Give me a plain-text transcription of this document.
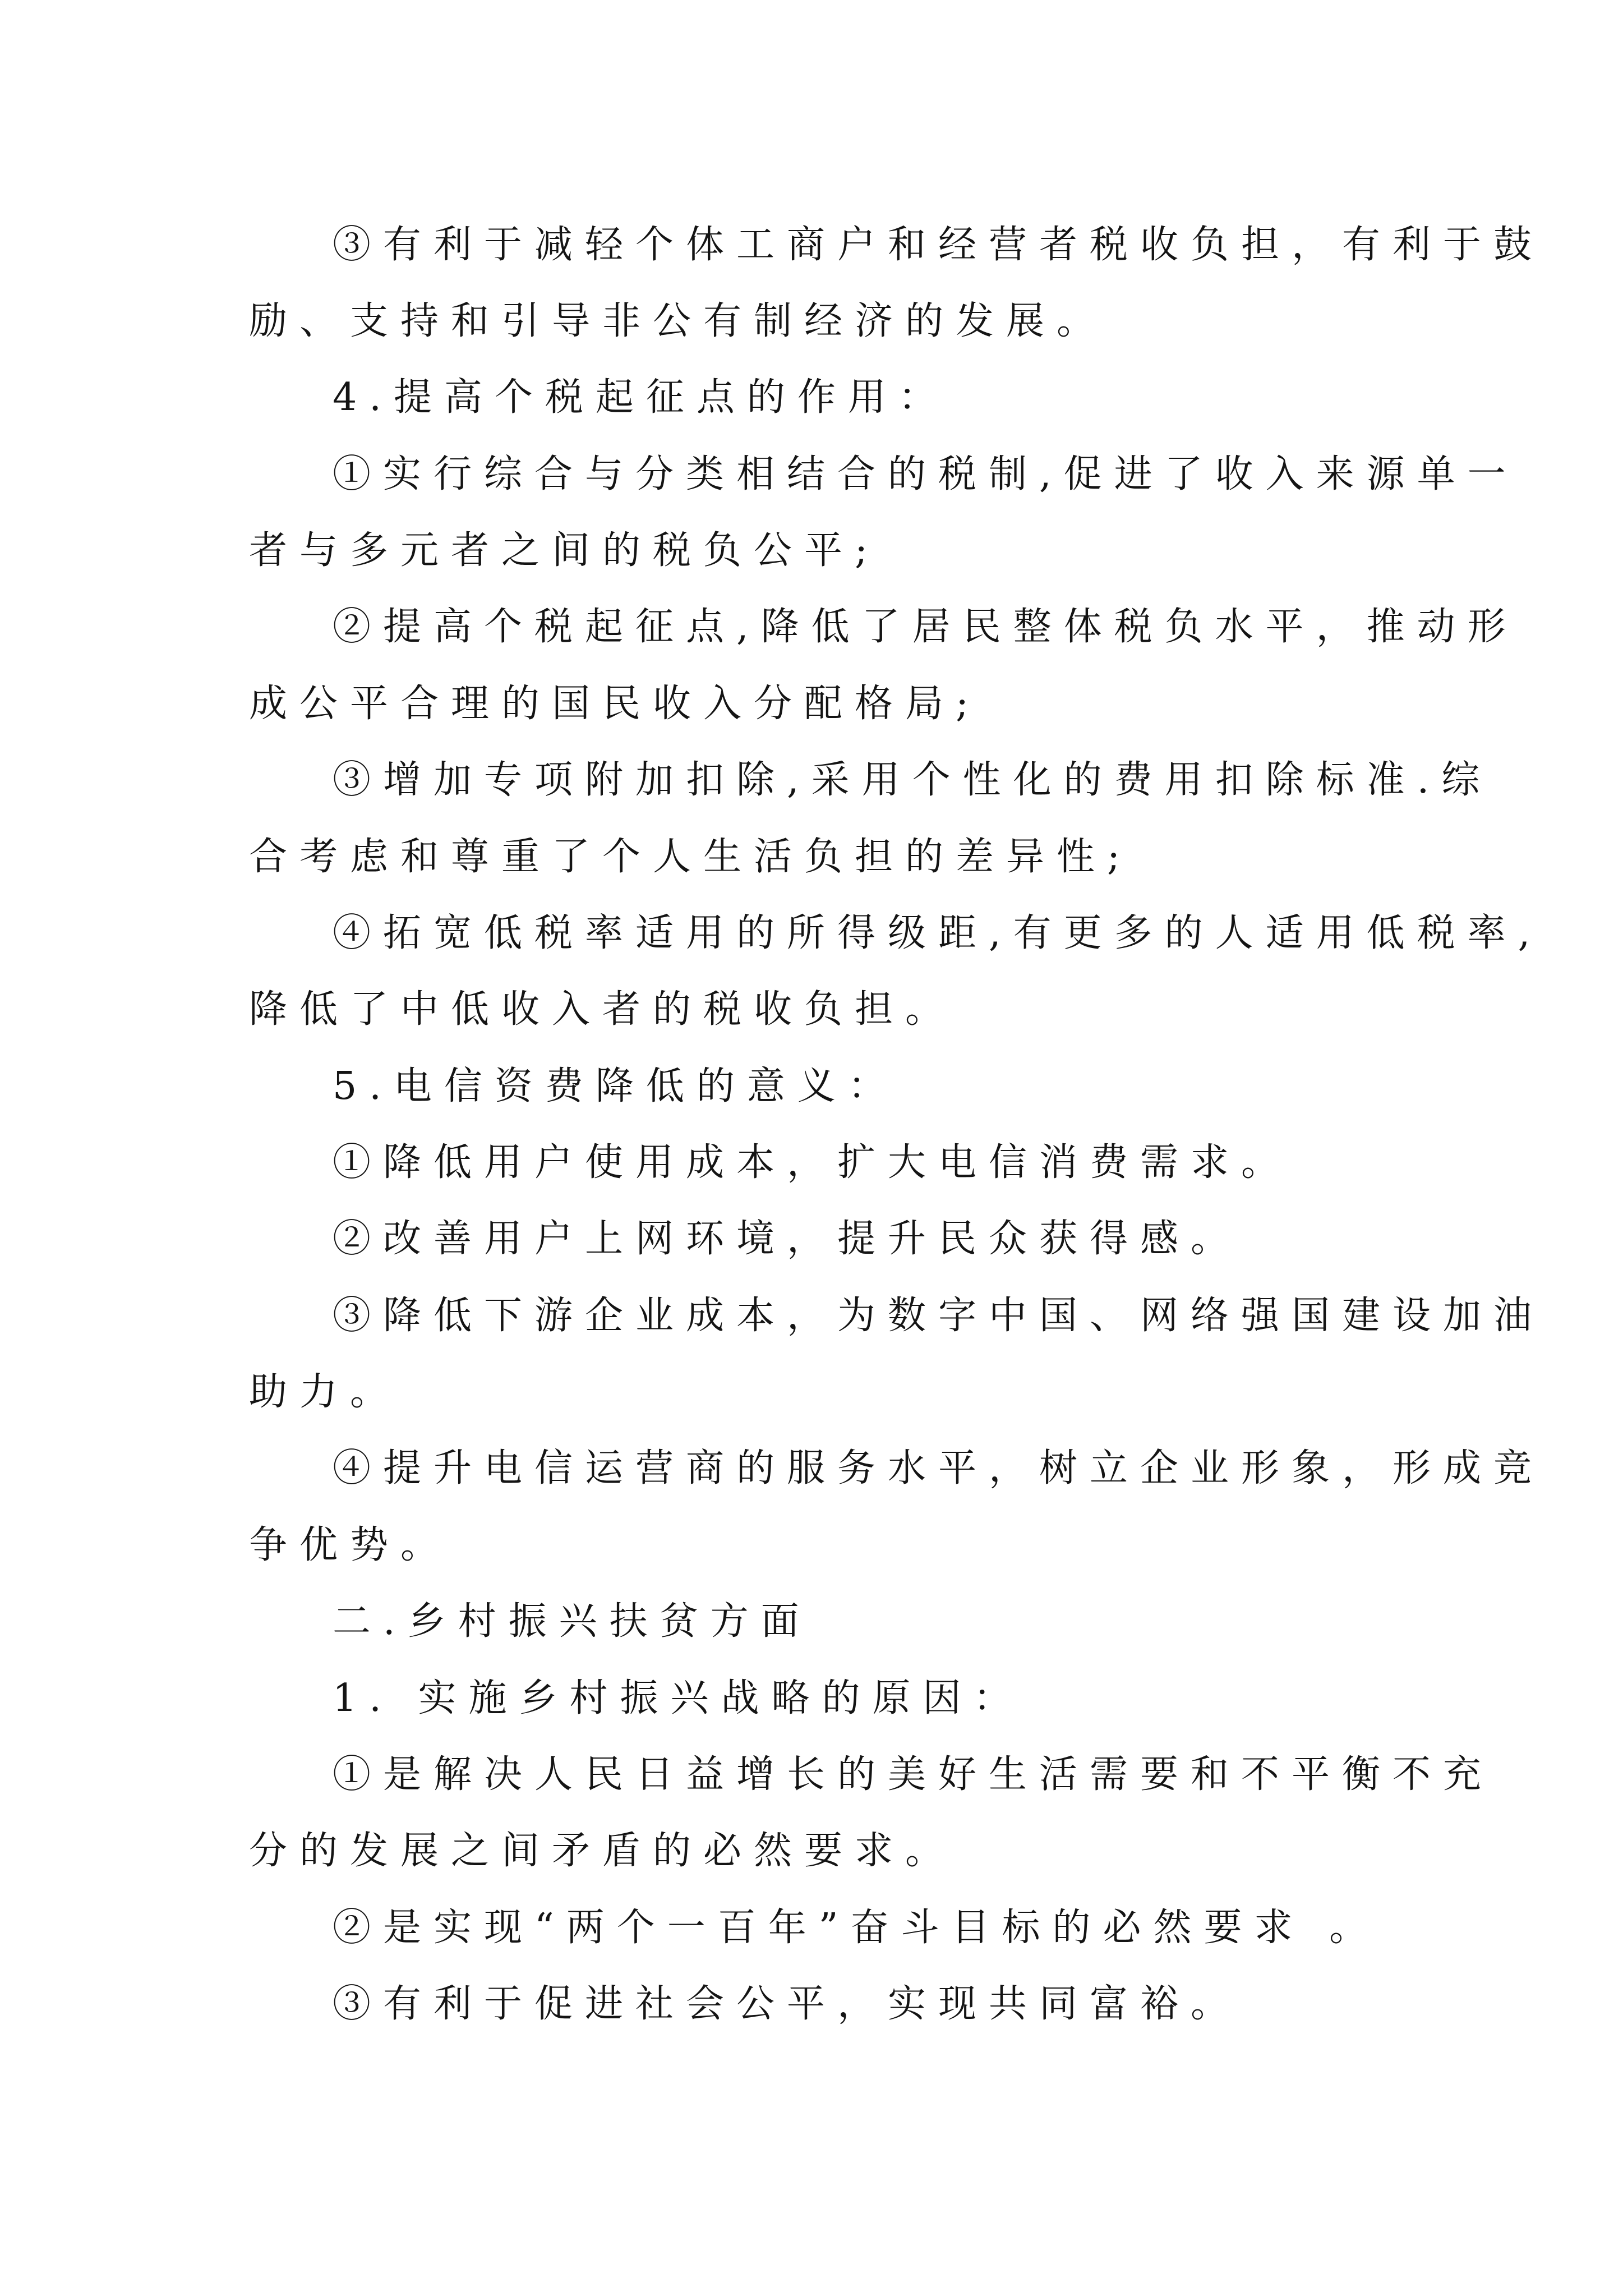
③有利于减轻个体工商户和经营者税收负担，有利于鼓

励、支持和引导非公有制经济的发展。

4.提高个税起征点的作用：

①实行综合与分类相结合的税制,促进了收入来源单一

者与多元者之间的税负公平;

②提高个税起征点,降低了居民整体税负水平，推动形

成公平合理的国民收入分配格局;

③增加专项附加扣除,采用个性化的费用扣除标准.综

合考虑和尊重了个人生活负担的差异性;

④拓宽低税率适用的所得级距,有更多的人适用低税率,

降低了中低收入者的税收负担。

5.电信资费降低的意义：

①降低用户使用成本，扩大电信消费需求。

②改善用户上网环境，提升民众获得感。

③降低下游企业成本，为数字中国、网络强国建设加油

助力。

④提升电信运营商的服务水平，树立企业形象，形成竞

争优势。

二.乡村振兴扶贫方面

1. 实施乡村振兴战略的原因：

①是解决人民日益增长的美好生活需要和不平衡不充

分的发展之间矛盾的必然要求。

②是实现“两个一百年”奋斗目标的必然要求 。

③有利于促进社会公平，实现共同富裕。
